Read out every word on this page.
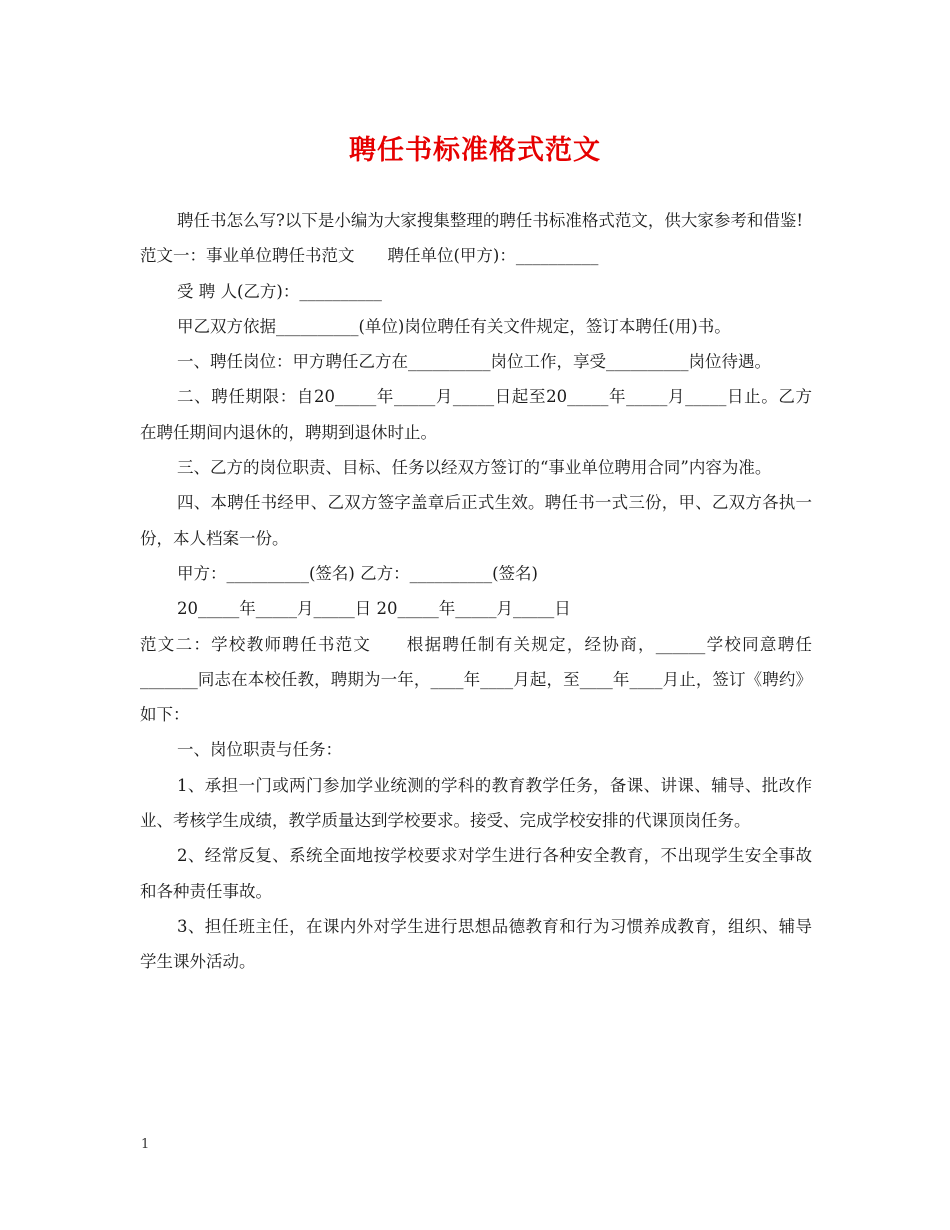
聘任书标准格式范文

聘任书怎么写?以下是小编为大家搜集整理的聘任书标准格式范文，供大家参考和借鉴!

范文一：事业单位聘任书范文　　聘任单位(甲方)：__________

受 聘 人(乙方)：__________

甲乙双方依据__________(单位)岗位聘任有关文件规定，签订本聘任(用)书。

一、聘任岗位：甲方聘任乙方在__________岗位工作，享受__________岗位待遇。

二、聘任期限：自20_____年_____月_____日起至20_____年_____月_____日止。乙方在聘任期间内退休的，聘期到退休时止。

三、乙方的岗位职责、目标、任务以经双方签订的“事业单位聘用合同”内容为准。

四、本聘任书经甲、乙双方签字盖章后正式生效。聘任书一式三份，甲、乙双方各执一份，本人档案一份。

甲方：__________(签名) 乙方：__________(签名)

20_____年_____月_____日 20_____年_____月_____日

范文二：学校教师聘任书范文　　根据聘任制有关规定，经协商，______学校同意聘任_______同志在本校任教，聘期为一年，____年____月起，至____年____月止，签订《聘约》如下：

一、岗位职责与任务：

1、承担一门或两门参加学业统测的学科的教育教学任务，备课、讲课、辅导、批改作业、考核学生成绩，教学质量达到学校要求。接受、完成学校安排的代课顶岗任务。

2、经常反复、系统全面地按学校要求对学生进行各种安全教育，不出现学生安全事故和各种责任事故。

3、担任班主任，在课内外对学生进行思想品德教育和行为习惯养成教育，组织、辅导学生课外活动。

1
